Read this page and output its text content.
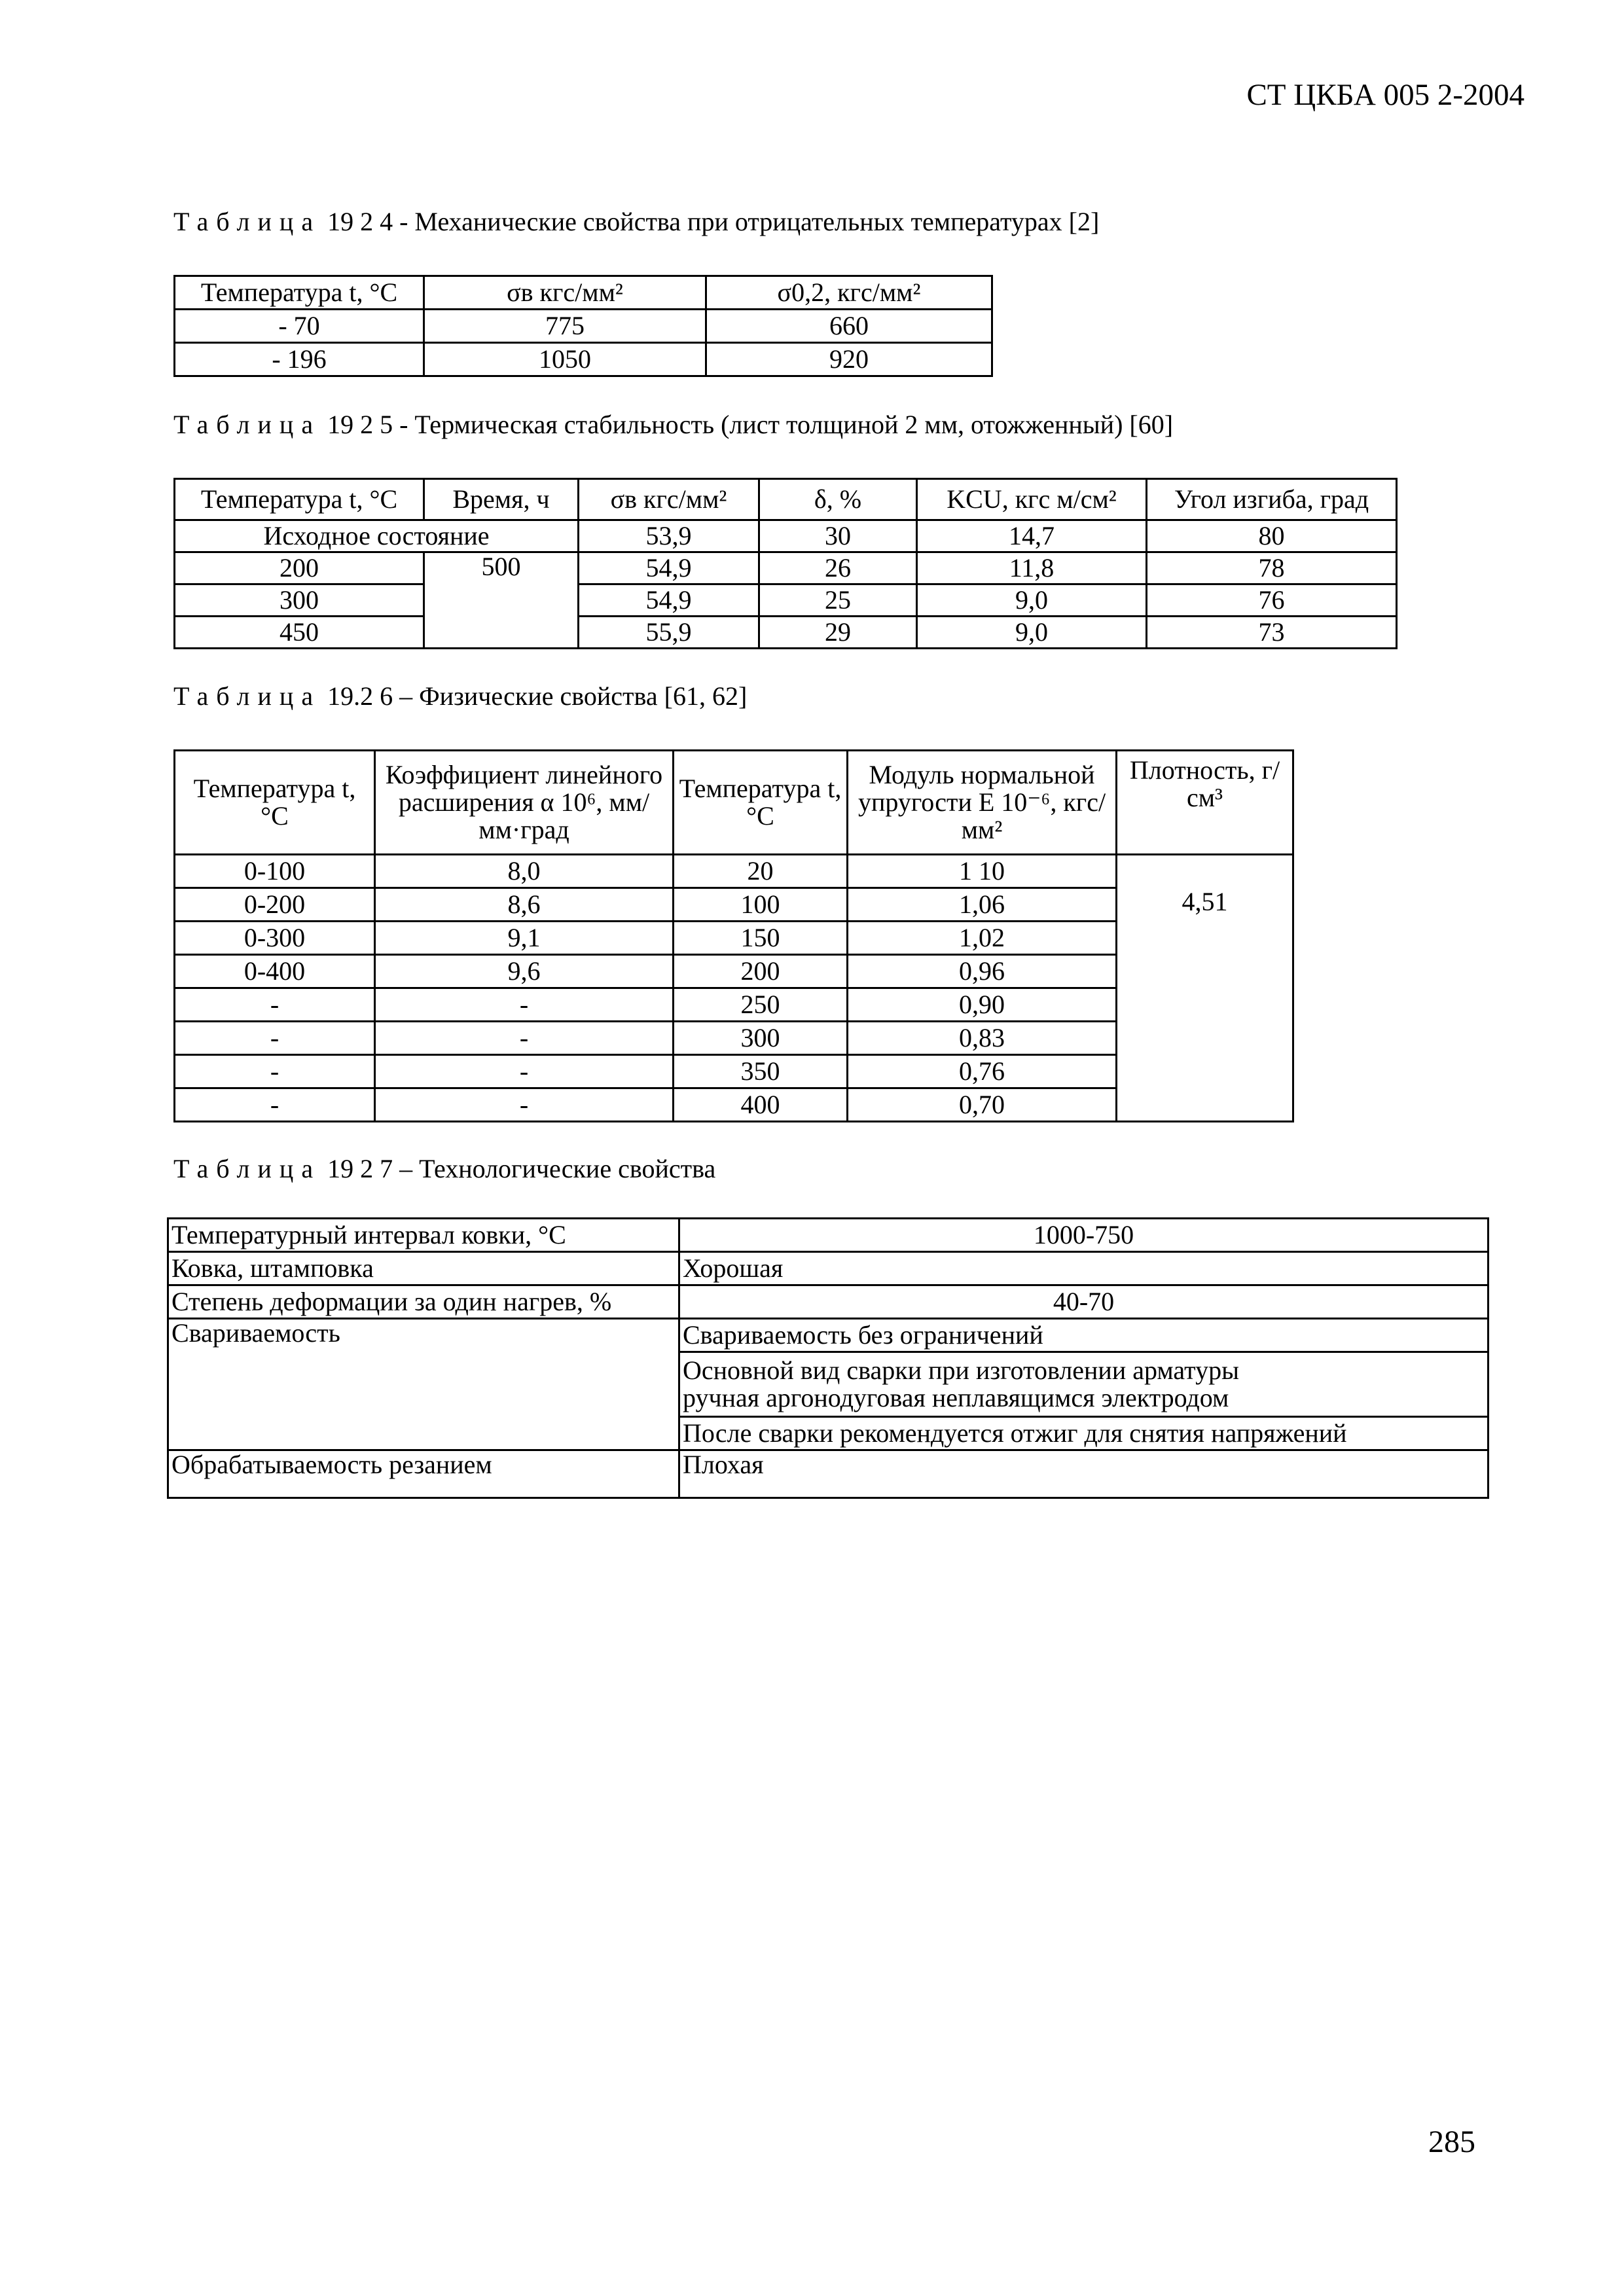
СТ ЦКБА 005 2-2004
Таблица 19 2 4 - Механические свойства при отрицательных температурах [2]
Температура t, °С	σв кгс/мм²	σ0,2, кгс/мм²
- 70	775	660
- 196	1050	920
Таблица 19 2 5 - Термическая стабильность (лист толщиной 2 мм, отожженный) [60]
Температура t, °С	Время, ч	σв кгс/мм²	δ, %	KCU, кгс м/см²	Угол изгиба, град
Исходное состояние		53,9	30	14,7	80
200	500	54,9	26	11,8	78
300		54,9	25	9,0	76
450		55,9	29	9,0	73
Таблица 19.2 6 – Физические свойства [61, 62]
Температура t, °С	Коэффициент линейного расширения α 10⁶, мм/мм·град	Температура t, °С	Модуль нормальной упругости Е 10⁻⁶, кгс/мм²	Плотность, г/см³
0-100	8,0	20	1 10	4,51
0-200	8,6	100	1,06	
0-300	9,1	150	1,02	
0-400	9,6	200	0,96	
-	-	250	0,90	
-	-	300	0,83	
-	-	350	0,76	
-	-	400	0,70	
Таблица 19 2 7 – Технологические свойства
Температурный интервал ковки, °С	1000-750
Ковка, штамповка	Хорошая
Степень деформации за один нагрев, %	40-70
Свариваемость	Свариваемость без ограничений

	Основной вид сварки при изготовлении арматуры
ручная аргонодуговая неплавящимся электродом

	После сварки рекомендуется отжиг для снятия напряжений
Обрабатываемость резанием	Плохая
285
